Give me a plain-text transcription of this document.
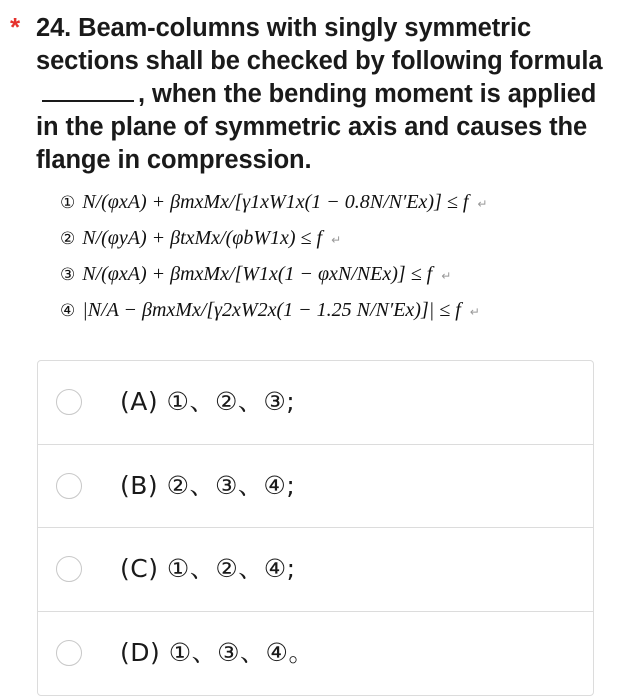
* 24. Beam-columns with singly symmetric sections shall be checked by following formula, when the bending moment is applied in the plane of symmetric axis and causes the flange in compression.
① N/(φxA) + βmxMx/[γ1xW1x(1 − 0.8N/N′Ex)] ≤ f ↵
② N/(φyA) + βtxMx/(φbW1x) ≤ f ↵
③ N/(φxA) + βmxMx/[W1x(1 − φxN/NEx)] ≤ f ↵
④ |N/A − βmxMx/[γ2xW2x(1 − 1.25 N/N′Ex)]| ≤ f ↵
(A) ①、②、③;
(B) ②、③、④;
(C) ①、②、④;
(D) ①、③、④。
